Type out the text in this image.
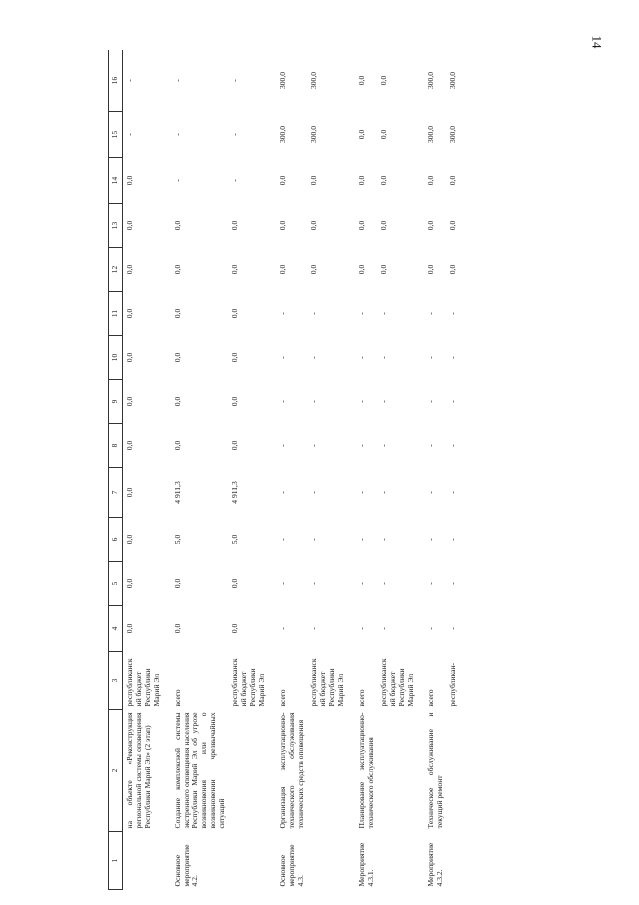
14
1	2	3	4	5	6	7	8	9	10	11	12	13	14	15	16
	на объекте «Реконструкция региональной системы оповещения Республики Марий Эл» (2 этап)	республиканский бюджет Республики Марий Эл	0,0	0,0	0,0	0,0	0,0	0,0	0,0	0,0	0,0	0,0	0,0	-	-
Основное мероприятие 4.2.	Создание комплексной системы экстренного оповещения населения Республики Марий Эл об угрозе возникновения или о возникновении чрезвычайных ситуаций	всего	0,0	0,0	5,0	4 911,3	0,0	0,0	0,0	0,0	0,0	0,0	-	-	-
		республиканский бюджет Республики Марий Эл	0,0	0,0	5,0	4 911,3	0,0	0,0	0,0	0,0	0,0	0,0	-	-	-
Основное мероприятие 4.3.	Организация эксплуатационно-технического обслуживания технических средств оповещения	всего	-	-	-	-	-	-	-	-	0,0	0,0	0,0	300,0	300,0
		республиканский бюджет Республики Марий Эл	-	-	-	-	-	-	-	-	0,0	0,0	0,0	300,0	300,0
Мероприятие 4.3.1.	Планирование эксплуатационно-технического обслуживания	всего	-	-	-	-	-	-	-	-	0,0	0,0	0,0	0,0	0,0
		республиканский бюджет Республики Марий Эл	-	-	-	-	-	-	-	-	0,0	0,0	0,0	0,0	0,0
Мероприятие 4.3.2.	Техническое обслуживание и текущий ремонт	всего	-	-	-	-	-	-	-	-	0,0	0,0	0,0	300,0	300,0
		республикан-	-	-	-	-	-	-	-	-	0,0	0,0	0,0	300,0	300,0
